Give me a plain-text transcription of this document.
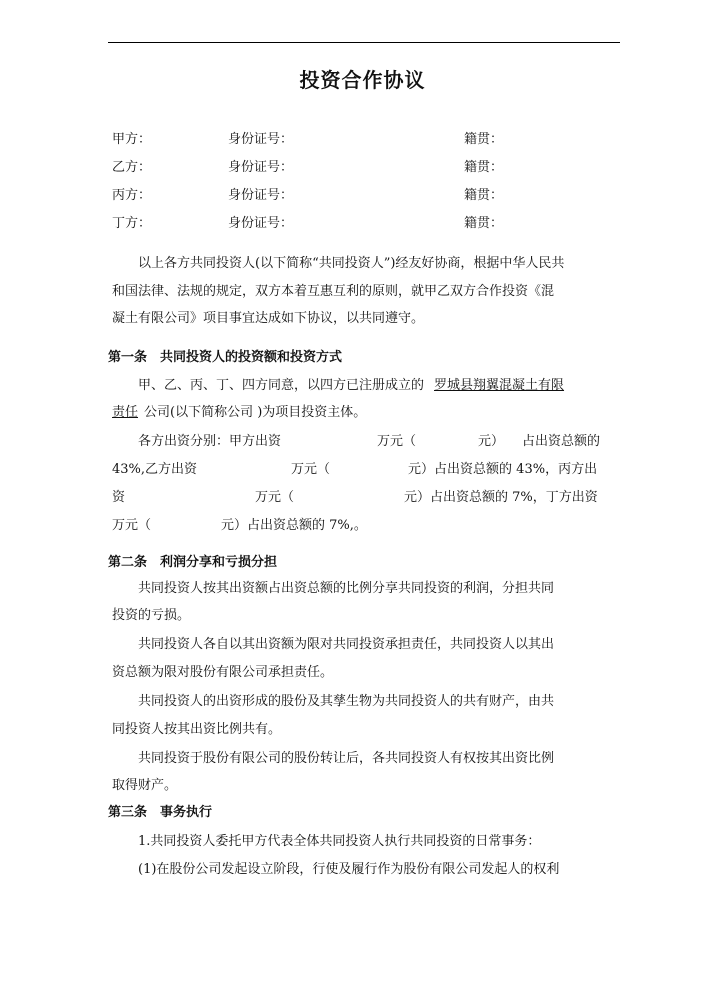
投资合作协议
甲方：	身份证号：	籍贯：
乙方：	身份证号：	籍贯：
丙方：	身份证号：	籍贯：
丁方：	身份证号：	籍贯：
以上各方共同投资人(以下简称“共同投资人”)经友好协商，根据中华人民共
和国法律、法规的规定，双方本着互惠互利的原则，就甲乙双方合作投资《混
凝土有限公司》项目事宜达成如下协议，以共同遵守。
第一条　共同投资人的投资额和投资方式
甲、乙、丙、丁、四方同意，以四方已注册成立的 罗城县翔翼混凝土有限
责任 公司(以下简称公司 )为项目投资主体。
各方出资分别：甲方出资	万元（	元） 占出资总额的
43%,乙方出资	万元（	元）占出资总额的 43%，丙方出
资	万元（	元）占出资总额的 7%，丁方出资
万元（	元）占出资总额的 7%,。
第二条　利润分享和亏损分担
共同投资人按其出资额占出资总额的比例分享共同投资的利润，分担共同
投资的亏损。
共同投资人各自以其出资额为限对共同投资承担责任，共同投资人以其出
资总额为限对股份有限公司承担责任。
共同投资人的出资形成的股份及其孳生物为共同投资人的共有财产，由共
同投资人按其出资比例共有。
共同投资于股份有限公司的股份转让后，各共同投资人有权按其出资比例
取得财产。
第三条　事务执行
1.共同投资人委托甲方代表全体共同投资人执行共同投资的日常事务：
(1)在股份公司发起设立阶段，行使及履行作为股份有限公司发起人的权利
